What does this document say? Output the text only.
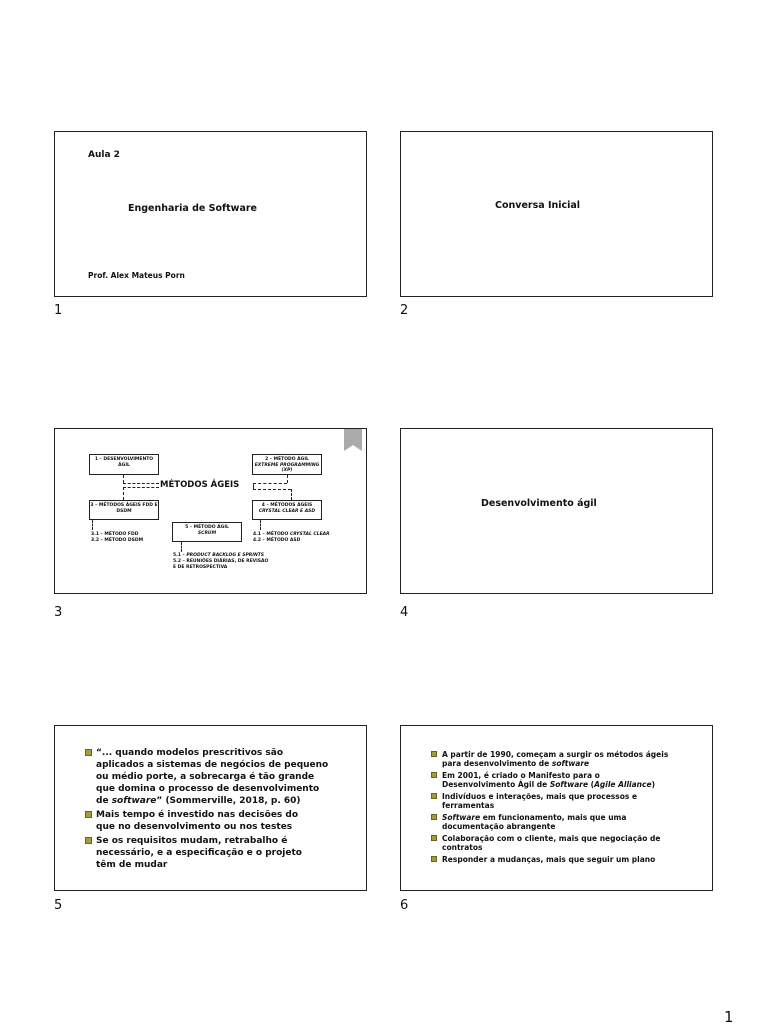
Aula 2
Engenharia de Software
Prof. Alex Mateus Porn
1
Conversa Inicial
2
1 – DESENVOLVIMENTO ÁGIL
2 – MÉTODO ÁGIL
EXTREME PROGRAMMING (XP)
MÉTODOS ÁGEIS
3 – MÉTODOS ÁGEIS FDD E DSDM
4 – MÉTODOS ÁGEIS
CRYSTAL CLEAR E ASD
5 – MÉTODO ÁGIL
SCRUM
3.1 – MÉTODO FDD
3.2 – MÉTODO DSDM
4.1 – MÉTODO CRYSTAL CLEAR
4.2 – MÉTODO ASD
5.1 – PRODUCT BACKLOG E SPRINTS
5.2 – REUNIÕES DIÁRIAS, DE REVISÃO
E DE RETROSPECTIVA
3
Desenvolvimento ágil
4
“... quando modelos prescritivos são
aplicados a sistemas de negócios de pequeno
ou médio porte, a sobrecarga é tão grande
que domina o processo de desenvolvimento
de software” (Sommerville, 2018, p. 60)
Mais tempo é investido nas decisões do
que no desenvolvimento ou nos testes
Se os requisitos mudam, retrabalho é
necessário, e a especificação e o projeto
têm de mudar
5
A partir de 1990, começam a surgir os métodos ágeis
para desenvolvimento de software
Em 2001, é criado o Manifesto para o
Desenvolvimento Ágil de Software (Agile Alliance)
Indivíduos e interações, mais que processos e
ferramentas
Software em funcionamento, mais que uma
documentação abrangente
Colaboração com o cliente, mais que negociação de
contratos
Responder a mudanças, mais que seguir um plano
6
1
